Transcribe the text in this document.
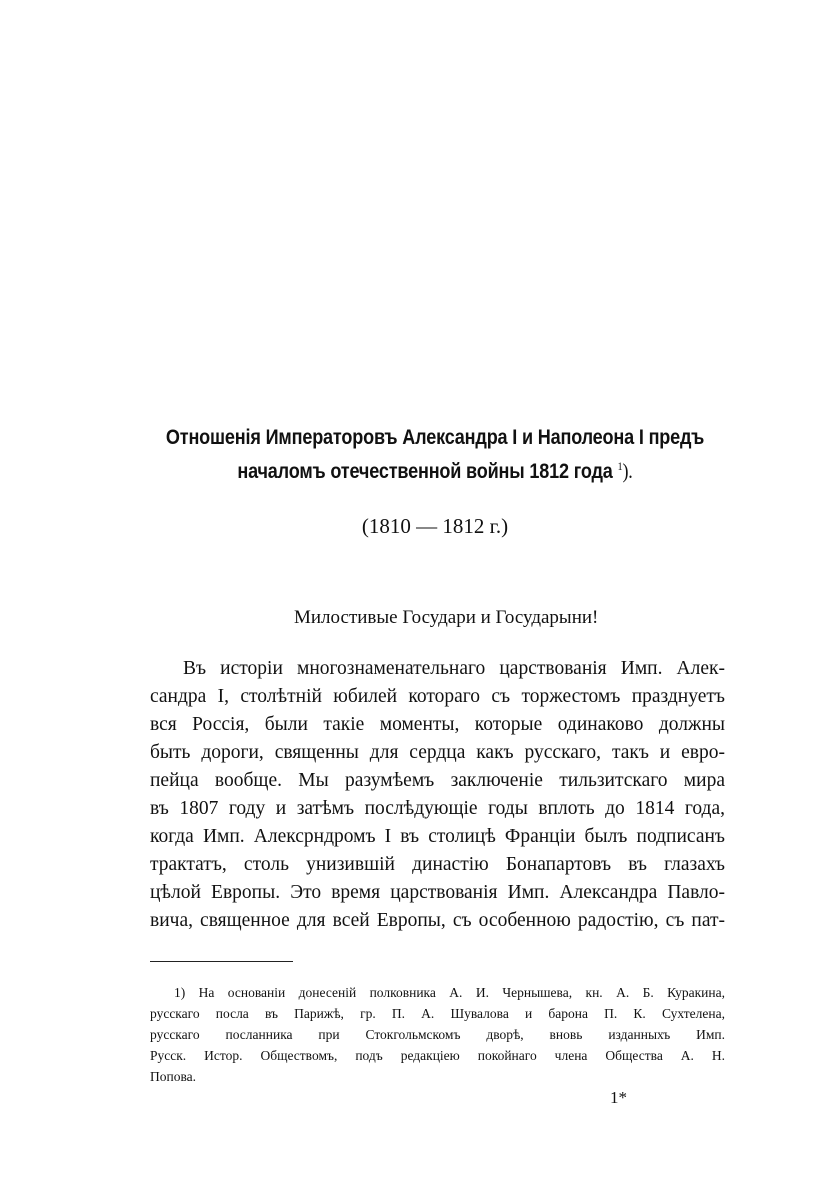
Отношенія Императоровъ Александра I и Наполеона I предъ
началомъ отечественной войны 1812 года $^1$).
(1810 — 1812 г.)
Милостивые Государи и Государыни!
Въ исторіи многознаменательнаго царствованія Имп. Алек-
сандра I, столѣтній юбилей котораго съ торжестомъ празднуетъ
вся Россія, были такіе моменты, которые одинаково должны
быть дороги, священны для сердца какъ русскаго, такъ и евро-
пейца вообще. Мы разумѣемъ заключеніе тильзитскаго мира
въ 1807 году и затѣмъ послѣдующіе годы вплоть до 1814 года,
когда Имп. Алексрндромъ I въ столицѣ Франціи былъ подписанъ
трактатъ, столь унизившій династію Бонапартовъ въ глазахъ
цѣлой Европы. Это время царствованія Имп. Александра Павло-
вича, священное для всей Европы, съ особенною радостію, съ пат-
1) На основаніи донесеній полковника А. И. Чернышева, кн. А. Б. Куракина,
русскаго посла въ Парижѣ, гр. П. А. Шувалова и барона П. К. Сухтелена,
русскаго посланника при Стокгольмскомъ дворѣ, вновь изданныхъ Имп.
Русск. Истор. Обществомъ, подъ редакціею покойнаго члена Общества А. Н.
Попова.
1*
